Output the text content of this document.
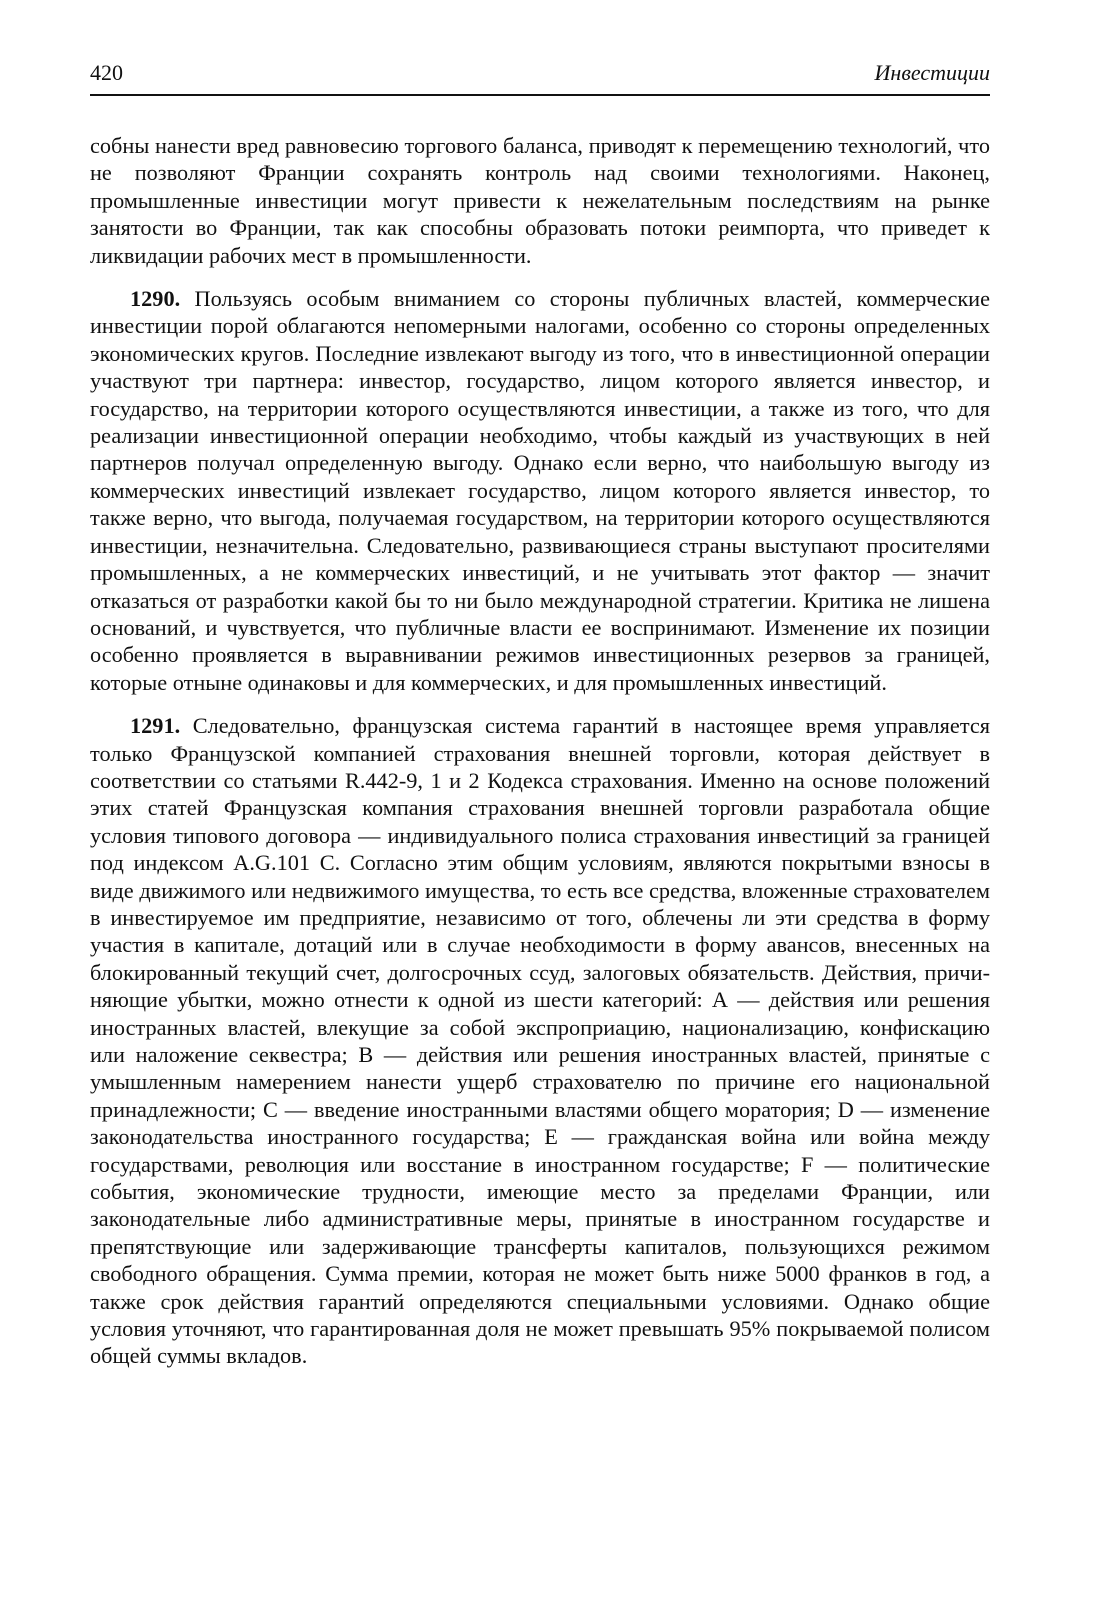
420	Инвестиции

собны нанести вред равновесию торгового баланса, приводят к перемещению технологий, что не позволяют Франции сохранять контроль над своими технологиями. Наконец, промышленные инвестиции могут привести к нежелательным последствиям на рынке занятости во Франции, так как способны образовать потоки реимпорта, что приведет к ликвидации рабочих мест в промышленности.

1290. Пользуясь особым вниманием со стороны публичных властей, коммерческие инвестиции порой облагаются непомерными налогами, особенно со стороны определенных экономических кругов. Последние извлекают выгоду из того, что в инвестиционной операции участвуют три партнера: инвестор, государство, лицом которого является инвестор, и государство, на территории которого осуществляются инвестиции, а также из того, что для реализации инвестиционной операции необходимо, чтобы каждый из участвующих в ней партнеров получал определенную выгоду. Однако если верно, что наибольшую выгоду из коммерческих инвестиций извлекает государство, лицом которого является инвестор, то также верно, что выгода, получаемая государством, на территории которого осуществляются инвестиции, незначительна. Следовательно, развивающиеся страны выступают просителями промышленных, а не коммерческих инвестиций, и не учитывать этот фактор — значит отказаться от разработки какой бы то ни было международной стратегии. Критика не лишена оснований, и чувствуется, что публичные власти ее воспринимают. Изменение их позиции особенно проявляется в выравнивании режимов инвестиционных резервов за границей, которые отныне одинаковы и для коммерческих, и для промышленных инвестиций.

1291. Следовательно, французская система гарантий в настоящее время управляется только Французской компанией страхования внешней торговли, которая действует в соответствии со статьями R.442-9, 1 и 2 Кодекса страхования. Именно на основе положений этих статей Французская компания страхования внешней торговли разработала общие условия типового договора — индивидуального полиса страхования инвестиций за границей под индексом A.G.101 С. Согласно этим общим условиям, являются покрытыми взносы в виде движимого или недвижимого имущества, то есть все средства, вложенные страхователем в инвестируемое им предприятие, независимо от того, облечены ли эти средства в форму участия в капитале, дотаций или в случае необходимости в форму авансов, внесенных на блокированный текущий счет, долгосрочных ссуд, залоговых обязательств. Действия, причиняющие убытки, можно отнести к одной из шести категорий: А — действия или решения иностранных властей, влекущие за собой экспроприацию, национализацию, конфискацию или наложение секвестра; В — действия или решения иностранных властей, принятые с умышленным намерением нанести ущерб страхователю по причине его национальной принадлежности; С — введение иностранными властями общего моратория; D — изменение законодательства иностранного государства; Е — гражданская война или война между государствами, революция или восстание в иностранном государстве; F — политические события, экономические трудности, имеющие место за пределами Франции, или законодательные либо административные меры, принятые в иностранном государстве и препятствующие или задерживающие трансферты капиталов, пользующихся режимом свободного обращения. Сумма премии, которая не может быть ниже 5000 франков в год, а также срок действия гарантий определяются специальными условиями. Однако общие условия уточняют, что гарантированная доля не может превышать 95% покрываемой полисом общей суммы вкладов.
